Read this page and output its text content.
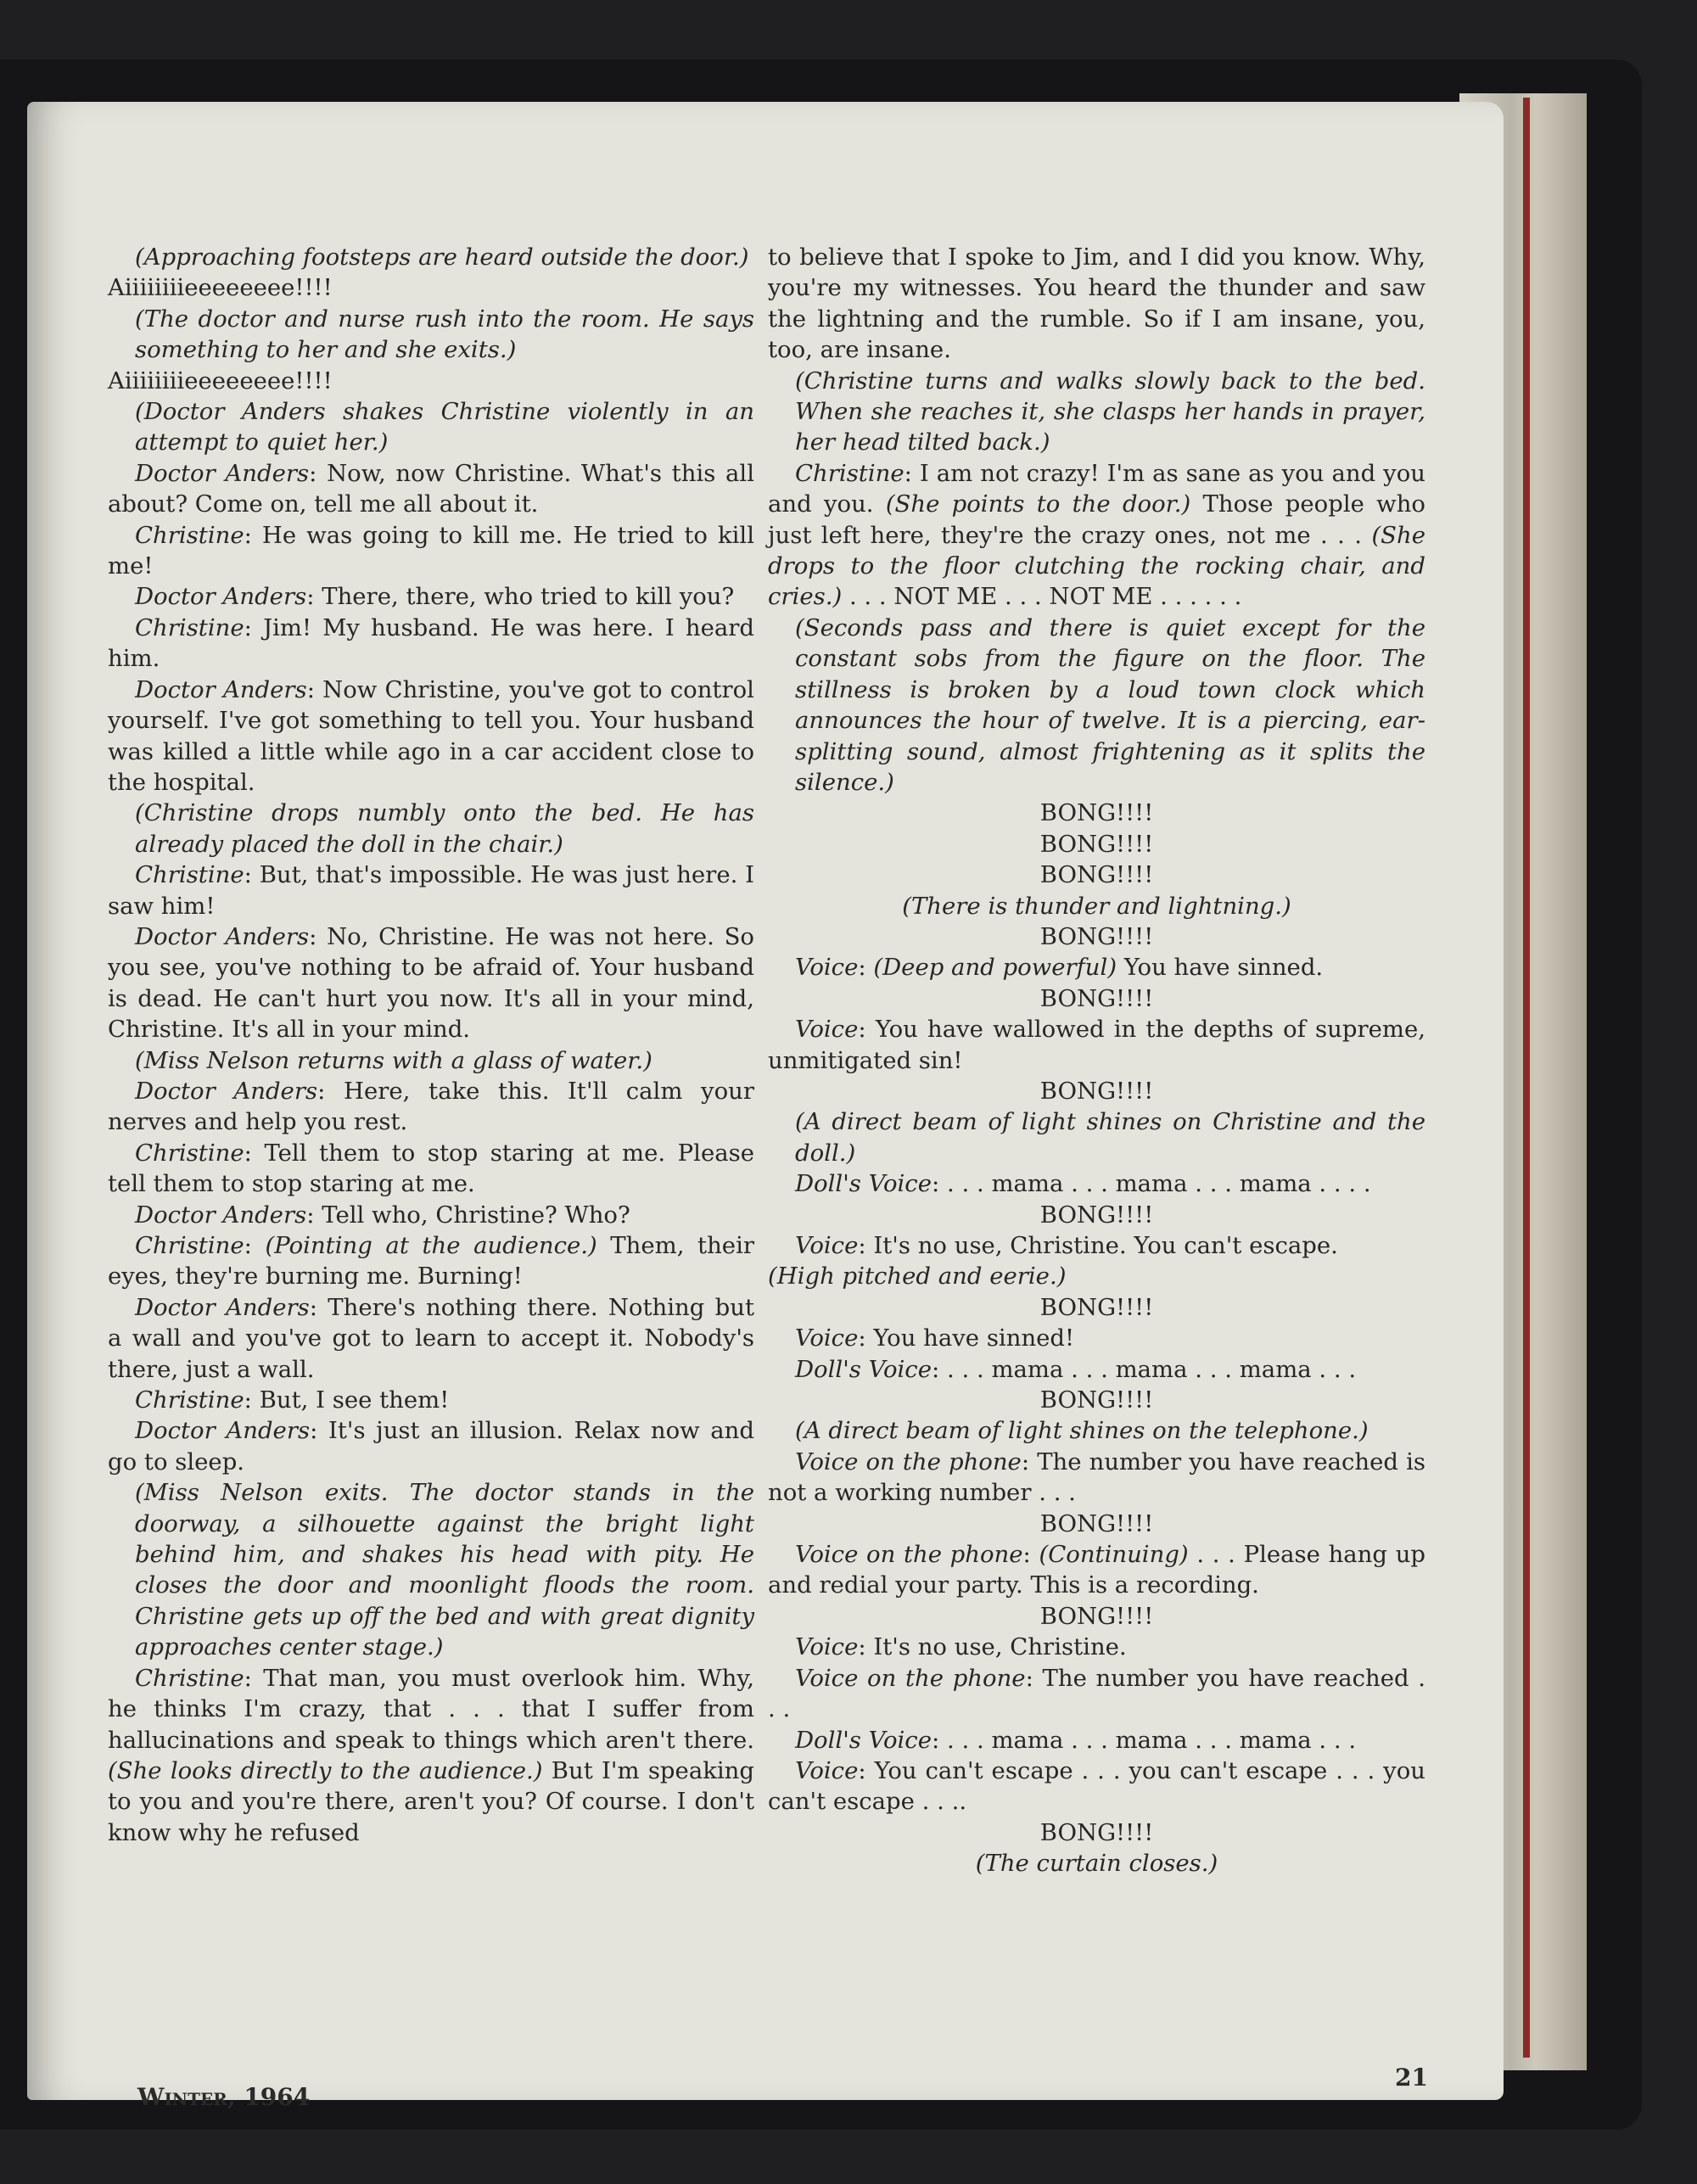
(Approaching footsteps are heard outside the door.)

Aiiiiiiiieeeeeeee!!!!

(The doctor and nurse rush into the room. He says something to her and she exits.)

Aiiiiiiiieeeeeeee!!!!

(Doctor Anders shakes Christine violently in an attempt to quiet her.)

Doctor Anders: Now, now Christine. What's this all about? Come on, tell me all about it.

Christine: He was going to kill me. He tried to kill me!

Doctor Anders: There, there, who tried to kill you?

Christine: Jim! My husband. He was here. I heard him.

Doctor Anders: Now Christine, you've got to control yourself. I've got something to tell you. Your husband was killed a little while ago in a car accident close to the hospital.

(Christine drops numbly onto the bed. He has already placed the doll in the chair.)

Christine: But, that's impossible. He was just here. I saw him!

Doctor Anders: No, Christine. He was not here. So you see, you've nothing to be afraid of. Your husband is dead. He can't hurt you now. It's all in your mind, Christine. It's all in your mind.

(Miss Nelson returns with a glass of water.)

Doctor Anders: Here, take this. It'll calm your nerves and help you rest.

Christine: Tell them to stop staring at me. Please tell them to stop staring at me.

Doctor Anders: Tell who, Christine? Who?

Christine: (Pointing at the audience.) Them, their eyes, they're burning me. Burning!

Doctor Anders: There's nothing there. Nothing but a wall and you've got to learn to accept it. Nobody's there, just a wall.

Christine: But, I see them!

Doctor Anders: It's just an illusion. Relax now and go to sleep.

(Miss Nelson exits. The doctor stands in the doorway, a silhouette against the bright light behind him, and shakes his head with pity. He closes the door and moonlight floods the room. Christine gets up off the bed and with great dignity approaches center stage.)

Christine: That man, you must overlook him. Why, he thinks I'm crazy, that . . . that I suffer from hallucinations and speak to things which aren't there. (She looks directly to the audience.) But I'm speaking to you and you're there, aren't you? Of course. I don't know why he refused

to believe that I spoke to Jim, and I did you know. Why, you're my witnesses. You heard the thunder and saw the lightning and the rumble. So if I am insane, you, too, are insane.

(Christine turns and walks slowly back to the bed. When she reaches it, she clasps her hands in prayer, her head tilted back.)

Christine: I am not crazy! I'm as sane as you and you and you. (She points to the door.) Those people who just left here, they're the crazy ones, not me . . . (She drops to the floor clutching the rocking chair, and cries.) . . . NOT ME . . . NOT ME . . . . . .

(Seconds pass and there is quiet except for the constant sobs from the figure on the floor. The stillness is broken by a loud town clock which announces the hour of twelve. It is a piercing, ear-splitting sound, almost frightening as it splits the silence.)

BONG!!!!

BONG!!!!

BONG!!!!

(There is thunder and lightning.)

BONG!!!!

Voice: (Deep and powerful) You have sinned.

BONG!!!!

Voice: You have wallowed in the depths of supreme, unmitigated sin!

BONG!!!!

(A direct beam of light shines on Christine and the doll.)

Doll's Voice: . . . mama . . . mama . . . mama . . . .

BONG!!!!

Voice: It's no use, Christine. You can't escape.

(High pitched and eerie.)

BONG!!!!

Voice: You have sinned!

Doll's Voice: . . . mama . . . mama . . . mama . . .

BONG!!!!

(A direct beam of light shines on the telephone.)

Voice on the phone: The number you have reached is not a working number . . .

BONG!!!!

Voice on the phone: (Continuing) . . . Please hang up and redial your party. This is a recording.

BONG!!!!

Voice: It's no use, Christine.

Voice on the phone: The number you have reached . . .

Doll's Voice: . . . mama . . . mama . . . mama . . .

Voice: You can't escape . . . you can't escape . . . you can't escape . . ..

BONG!!!!

(The curtain closes.)

Winter, 1964
21
